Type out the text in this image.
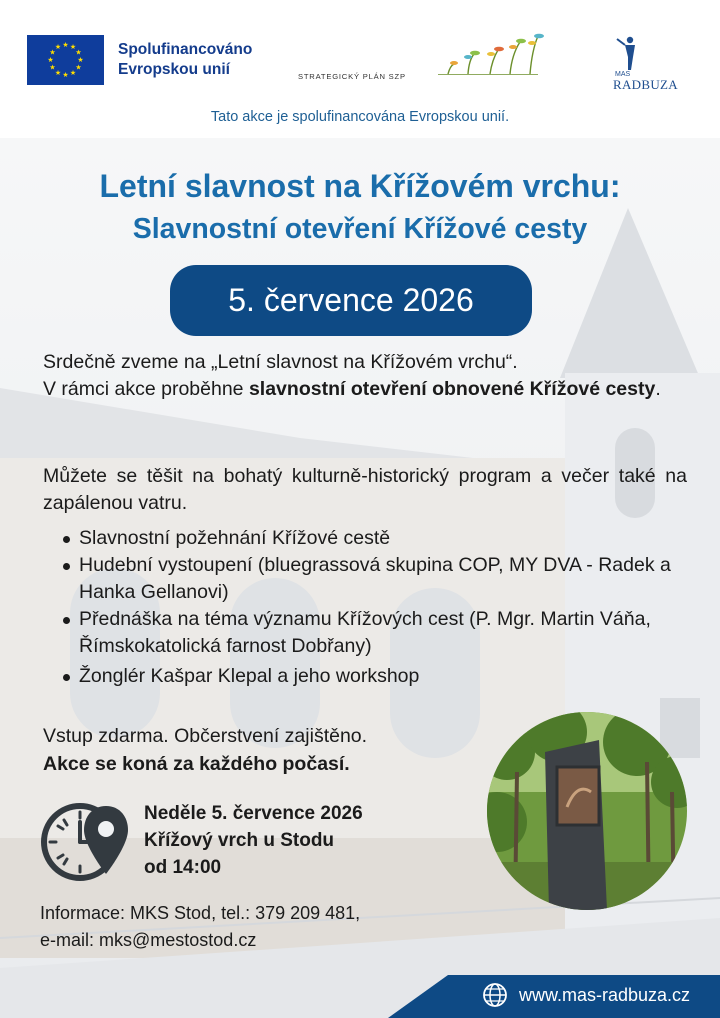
★ ★
★
★
★
★
★
★
★
★
★
★	Spolufinancováno
Evropskou unií	STRATEGICKÝ PLÁN SZP	MAS
RADBUZA
Tato akce je spolufinancována Evropskou unií.
Letní slavnost na Křížovém vrchu:
Slavnostní otevření Křížové cesty
5. července 2026
Srdečně zveme na „Letní slavnost na Křížovém vrchu“.
V rámci akce proběhne slavnostní otevření obnovené Křížové cesty.
Můžete se těšit na bohatý kulturně-historický program a večer také na zapálenou vatru.
Slavnostní požehnání Křížové cestě
Hudební vystoupení (bluegrassová skupina COP, MY DVA - Radek a Hanka Gellanovi)
Přednáška na téma významu Křížových cest (P. Mgr. Martin Váňa, Římskokatolická farnost Dobřany)
Žonglér Kašpar Klepal a jeho workshop
Vstup zdarma. Občerstvení zajištěno.
Akce se koná za každého počasí.
Neděle 5. července 2026
Křížový vrch u Stodu
od 14:00
Informace: MKS Stod, tel.: 379 209 481,
e-mail: mks@mestostod.cz
www.mas-radbuza.cz
